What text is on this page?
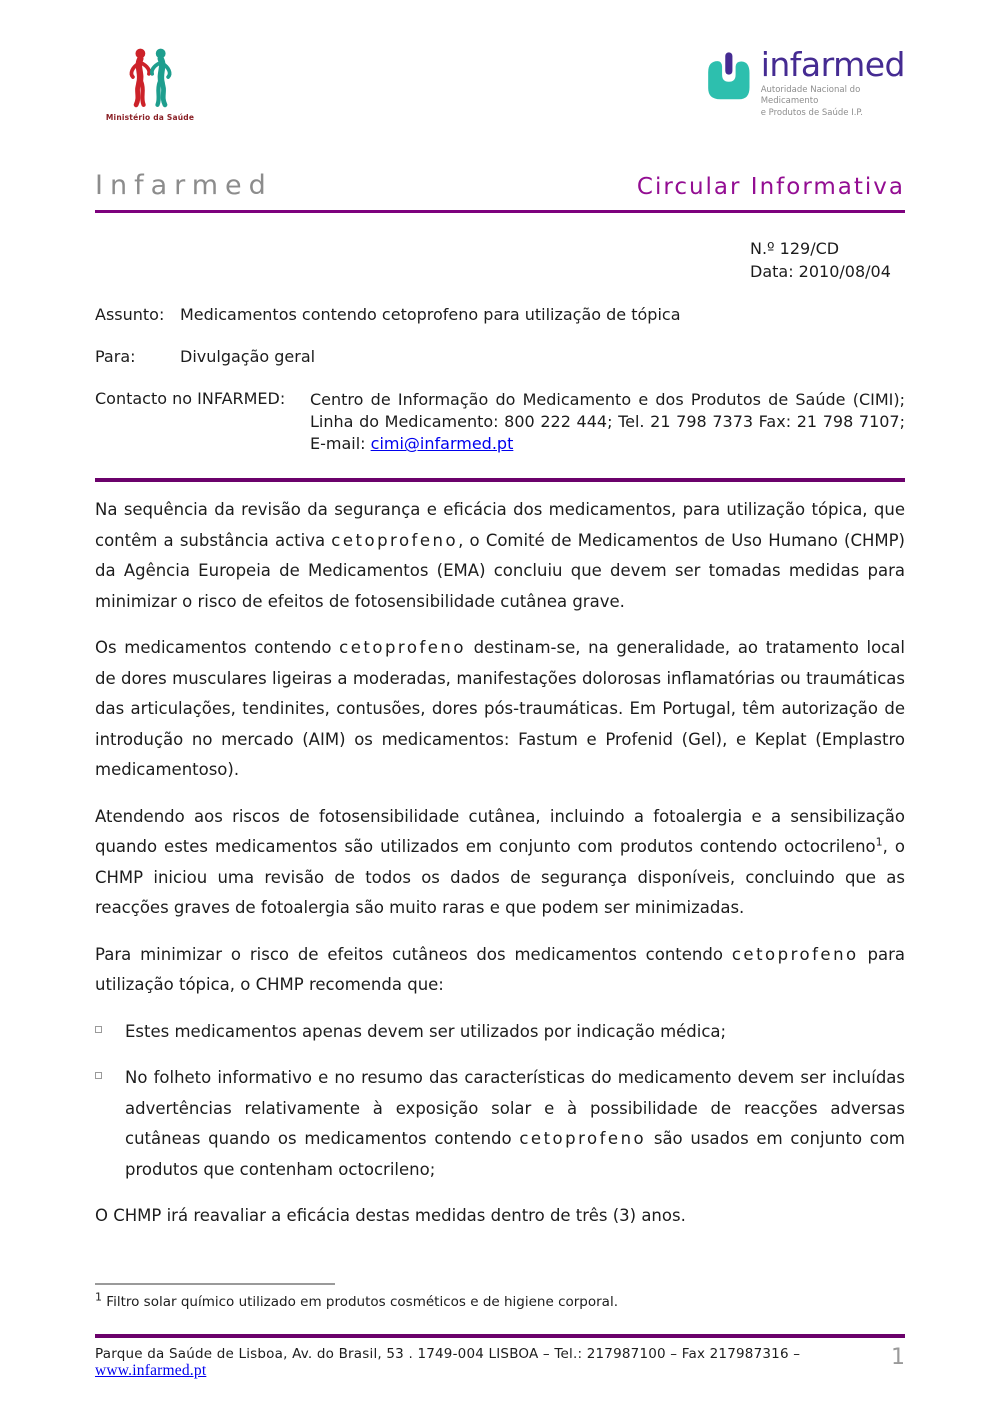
Ministério da Saúde
infarmed
Autoridade Nacional do Medicamento
e Produtos de Saúde I.P.
Infarmed	Circular Informativa
N.º 129/CD
Data: 2010/08/04
Assunto: Medicamentos contendo cetoprofeno para utilização de tópica
Para:	Divulgação geral
Contacto no INFARMED:	Centro de Informação do Medicamento e dos Produtos de Saúde (CIMI); Linha do Medicamento: 800 222 444; Tel. 21 798 7373 Fax: 21 798 7107; E-mail: cimi@infarmed.pt
Na sequência da revisão da segurança e eficácia dos medicamentos, para utilização tópica, que contêm a substância activa cetoprofeno, o Comité de Medicamentos de Uso Humano (CHMP) da Agência Europeia de Medicamentos (EMA) concluiu que devem ser tomadas medidas para minimizar o risco de efeitos de fotosensibilidade cutânea grave.
Os medicamentos contendo cetoprofeno destinam-se, na generalidade, ao tratamento local de dores musculares ligeiras a moderadas, manifestações dolorosas inflamatórias ou traumáticas das articulações, tendinites, contusões, dores pós-traumáticas. Em Portugal, têm autorização de introdução no mercado (AIM) os medicamentos: Fastum e Profenid (Gel), e Keplat (Emplastro medicamentoso).
Atendendo aos riscos de fotosensibilidade cutânea, incluindo a fotoalergia e a sensibilização quando estes medicamentos são utilizados em conjunto com produtos contendo octocrileno$^1$, o CHMP iniciou uma revisão de todos os dados de segurança disponíveis, concluindo que as reacções graves de fotoalergia são muito raras e que podem ser minimizadas.
Para minimizar o risco de efeitos cutâneos dos medicamentos contendo cetoprofeno para utilização tópica, o CHMP recomenda que:
Estes medicamentos apenas devem ser utilizados por indicação médica;
No folheto informativo e no resumo das características do medicamento devem ser incluídas advertências relativamente à exposição solar e à possibilidade de reacções adversas cutâneas quando os medicamentos contendo cetoprofeno são usados em conjunto com produtos que contenham octocrileno;
O CHMP irá reavaliar a eficácia destas medidas dentro de três (3) anos.
$^1$ Filtro solar químico utilizado em produtos cosméticos e de higiene corporal.
Parque da Saúde de Lisboa, Av. do Brasil, 53 . 1749-004 LISBOA – Tel.: 217987100 – Fax 217987316 – www.infarmed.pt
1
